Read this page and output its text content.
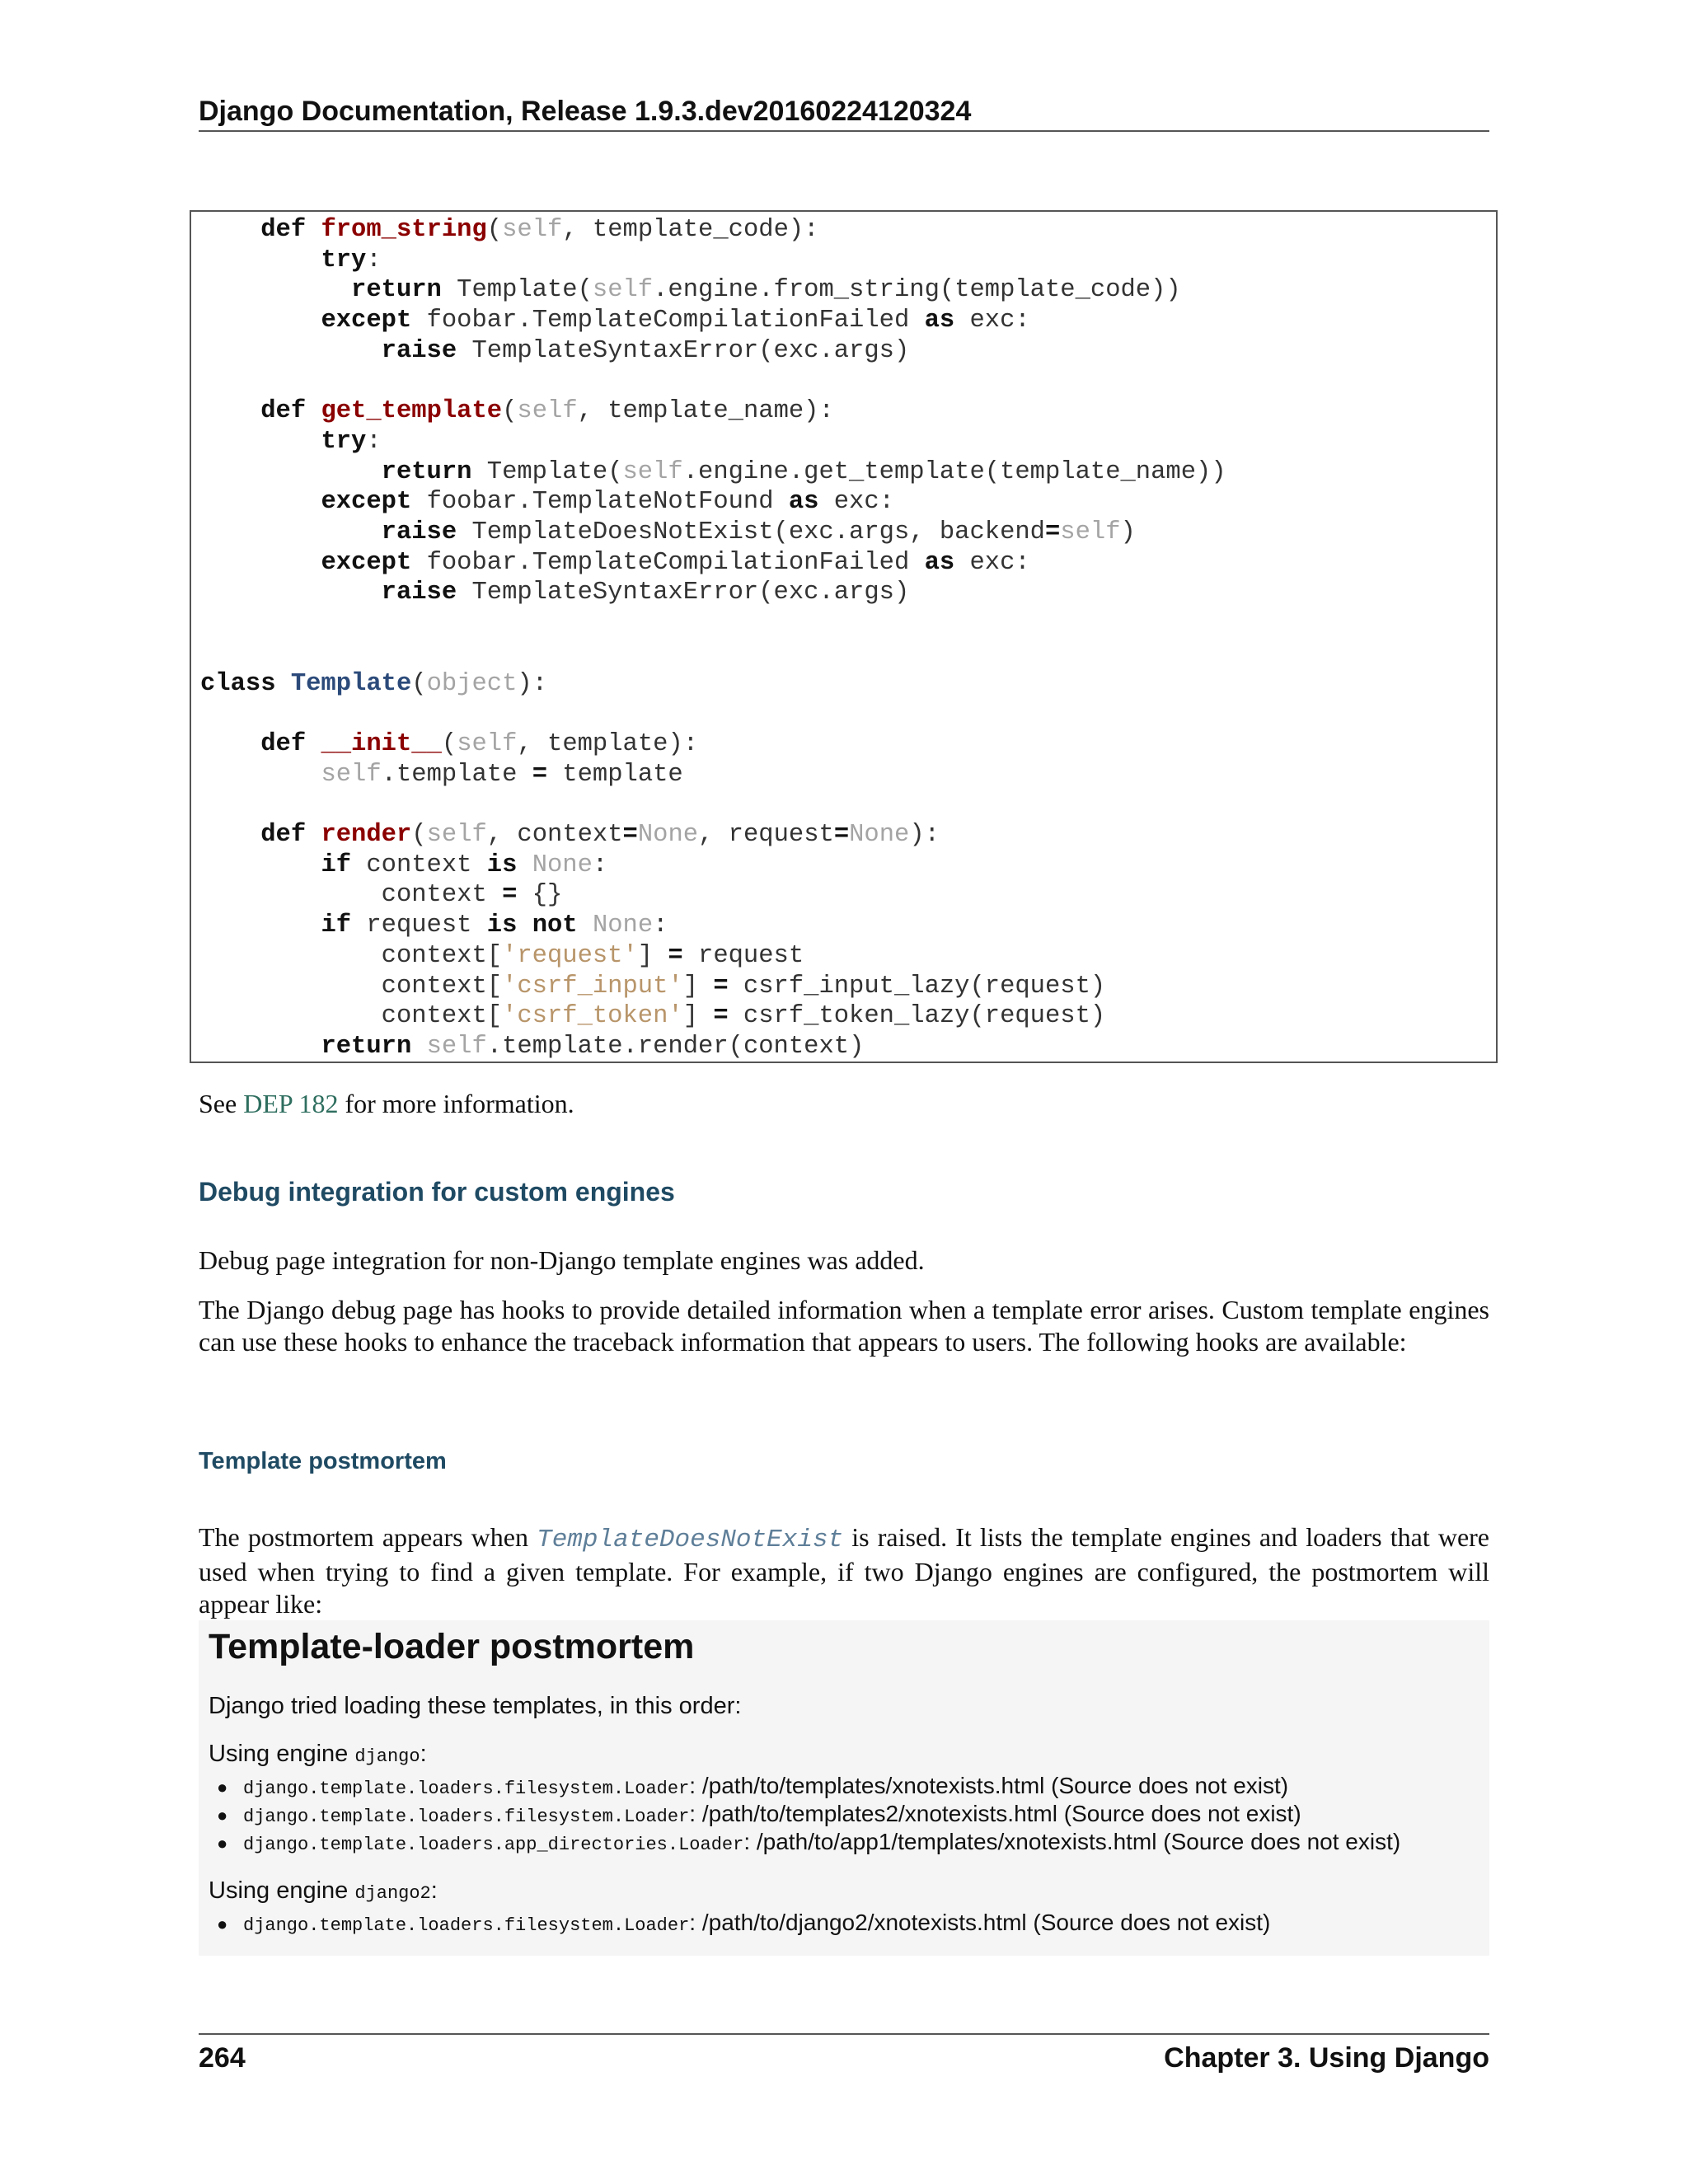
Django Documentation, Release 1.9.3.dev20160224120324
def from_string(self, template_code):
try:
return Template(self.engine.from_string(template_code))
except foobar.TemplateCompilationFailed as exc:
raise TemplateSyntaxError(exc.args)

def get_template(self, template_name):
try:
return Template(self.engine.get_template(template_name))
except foobar.TemplateNotFound as exc:
raise TemplateDoesNotExist(exc.args, backend=self)
except foobar.TemplateCompilationFailed as exc:
raise TemplateSyntaxError(exc.args)

class Template(object):

def __init__(self, template):
self.template = template

def render(self, context=None, request=None):
if context is None:
context = {}
if request is not None:
context['request'] = request
context['csrf_input'] = csrf_input_lazy(request)
context['csrf_token'] = csrf_token_lazy(request)
return self.template.render(context)
See DEP 182 for more information.
Debug integration for custom engines
Debug page integration for non-Django template engines was added.
The Django debug page has hooks to provide detailed information when a template error arises. Custom template engines can use these hooks to enhance the traceback information that appears to users. The following hooks are available:
Template postmortem
The postmortem appears when TemplateDoesNotExist is raised. It lists the template engines and loaders that were used when trying to find a given template. For example, if two Django engines are configured, the postmortem will appear like:
Template-loader postmortem
Django tried loading these templates, in this order:
Using engine django:
● django.template.loaders.filesystem.Loader: /path/to/templates/xnotexists.html (Source does not exist)
● django.template.loaders.filesystem.Loader: /path/to/templates2/xnotexists.html (Source does not exist)
● django.template.loaders.app_directories.Loader: /path/to/app1/templates/xnotexists.html (Source does not exist)
Using engine django2:
● django.template.loaders.filesystem.Loader: /path/to/django2/xnotexists.html (Source does not exist)
264	Chapter 3. Using Django
